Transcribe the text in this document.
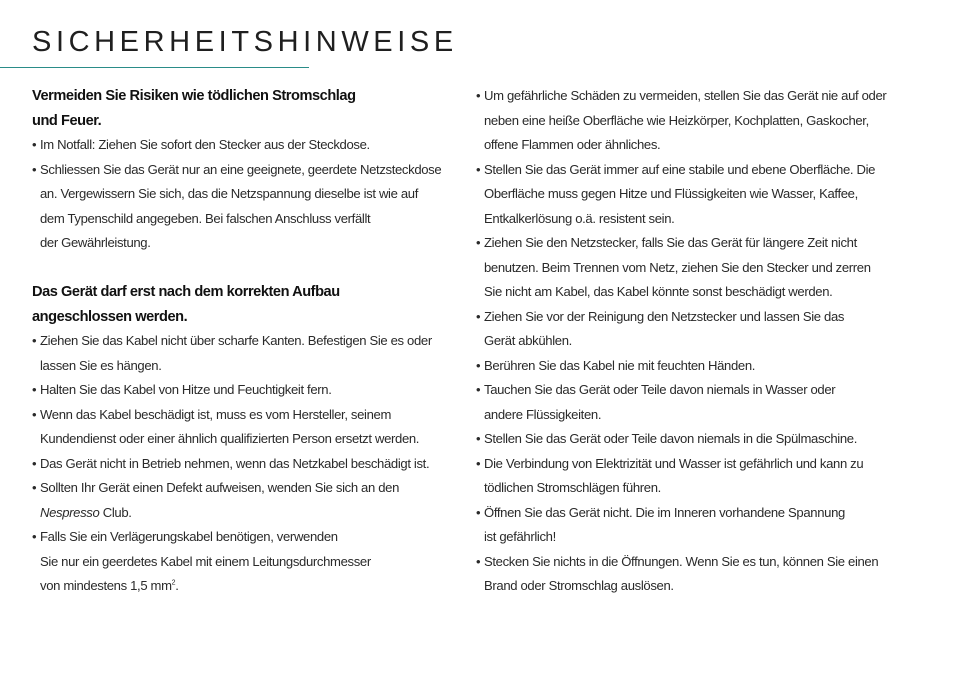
SICHERHEITSHINWEISE
Vermeiden Sie Risiken wie tödlichen Stromschlag
und Feuer.
• Im Notfall: Ziehen Sie sofort den Stecker aus der Steckdose.
• Schliessen Sie das Gerät nur an eine geeignete, geerdete Netzsteckdose
an. Vergewissern Sie sich, das die Netzspannung dieselbe ist wie auf
dem Typenschild angegeben. Bei falschen Anschluss verfällt
der Gewährleistung.
Das Gerät darf erst nach dem korrekten Aufbau
angeschlossen werden.
• Ziehen Sie das Kabel nicht über scharfe Kanten. Befestigen Sie es oder
lassen Sie es hängen.
• Halten Sie das Kabel von Hitze und Feuchtigkeit fern.
• Wenn das Kabel beschädigt ist, muss es vom Hersteller, seinem
Kundendienst oder einer ähnlich qualifizierten Person ersetzt werden.
• Das Gerät nicht in Betrieb nehmen, wenn das Netzkabel beschädigt ist.
• Sollten Ihr Gerät einen Defekt aufweisen, wenden Sie sich an den
Nespresso Club.
• Falls Sie ein Verlägerungskabel benötigen, verwenden
Sie nur ein geerdetes Kabel mit einem Leitungsdurchmesser
von mindestens 1,5 $mm^2$.
• Um gefährliche Schäden zu vermeiden, stellen Sie das Gerät nie auf oder
neben eine heiße Oberfläche wie Heizkörper, Kochplatten, Gaskocher,
offene Flammen oder ähnliches.
• Stellen Sie das Gerät immer auf eine stabile und ebene Oberfläche. Die
Oberfläche muss gegen Hitze und Flüssigkeiten wie Wasser, Kaffee,
Entkalkerlösung o.ä. resistent sein.
• Ziehen Sie den Netzstecker, falls Sie das Gerät für längere Zeit nicht
benutzen. Beim Trennen vom Netz, ziehen Sie den Stecker und zerren
Sie nicht am Kabel, das Kabel könnte sonst beschädigt werden.
• Ziehen Sie vor der Reinigung den Netzstecker und lassen Sie das
Gerät abkühlen.
• Berühren Sie das Kabel nie mit feuchten Händen.
• Tauchen Sie das Gerät oder Teile davon niemals in Wasser oder
andere Flüssigkeiten.
• Stellen Sie das Gerät oder Teile davon niemals in die Spülmaschine.
• Die Verbindung von Elektrizität und Wasser ist gefährlich und kann zu
tödlichen Stromschlägen führen.
• Öffnen Sie das Gerät nicht. Die im Inneren vorhandene Spannung
ist gefährlich!
• Stecken Sie nichts in die Öffnungen. Wenn Sie es tun, können Sie einen
Brand oder Stromschlag auslösen.
